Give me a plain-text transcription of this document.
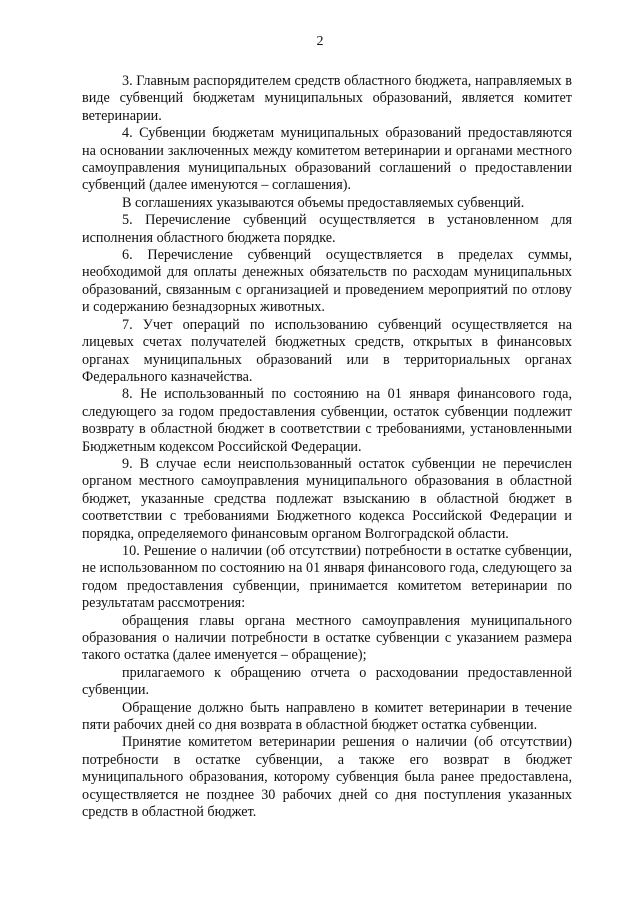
2

3. Главным распорядителем средств областного бюджета, направляемых в виде субвенций бюджетам муниципальных образований, является комитет ветеринарии.

4. Субвенции бюджетам муниципальных образований предоставляются на основании заключенных между комитетом ветеринарии и органами местного самоуправления муниципальных образований соглашений о предоставлении субвенций (далее именуются – соглашения).

В соглашениях указываются объемы предоставляемых субвенций.

5. Перечисление субвенций осуществляется в установленном для исполнения областного бюджета порядке.

6. Перечисление субвенций осуществляется в пределах суммы, необходимой для оплаты денежных обязательств по расходам муниципальных образований, связанным с организацией и проведением мероприятий по отлову и содержанию безнадзорных животных.

7. Учет операций по использованию субвенций осуществляется на лицевых счетах получателей бюджетных средств, открытых в финансовых органах муниципальных образований или в территориальных органах Федерального казначейства.

8. Не использованный по состоянию на 01 января финансового года, следующего за годом предоставления субвенции, остаток субвенции подлежит возврату в областной бюджет в соответствии с требованиями, установленными Бюджетным кодексом Российской Федерации.

9. В случае если неиспользованный остаток субвенции не перечислен органом местного самоуправления муниципального образования в областной бюджет, указанные средства подлежат взысканию в областной бюджет в соответствии с требованиями Бюджетного кодекса Российской Федерации и порядка, определяемого финансовым органом Волгоградской области.

10. Решение о наличии (об отсутствии) потребности в остатке субвенции, не использованном по состоянию на 01 января финансового года, следующего за годом предоставления субвенции, принимается комитетом ветеринарии по результатам рассмотрения:

обращения главы органа местного самоуправления муниципального образования о наличии потребности в остатке субвенции с указанием размера такого остатка (далее именуется – обращение);

прилагаемого к обращению отчета о расходовании предоставленной субвенции.

Обращение должно быть направлено в комитет ветеринарии в течение пяти рабочих дней со дня возврата в областной бюджет остатка субвенции.

Принятие комитетом ветеринарии решения о наличии (об отсутствии) потребности в остатке субвенции, а также его возврат в бюджет муниципального образования, которому субвенция была ранее предоставлена, осуществляется не позднее 30 рабочих дней со дня поступления указанных средств в областной бюджет.
